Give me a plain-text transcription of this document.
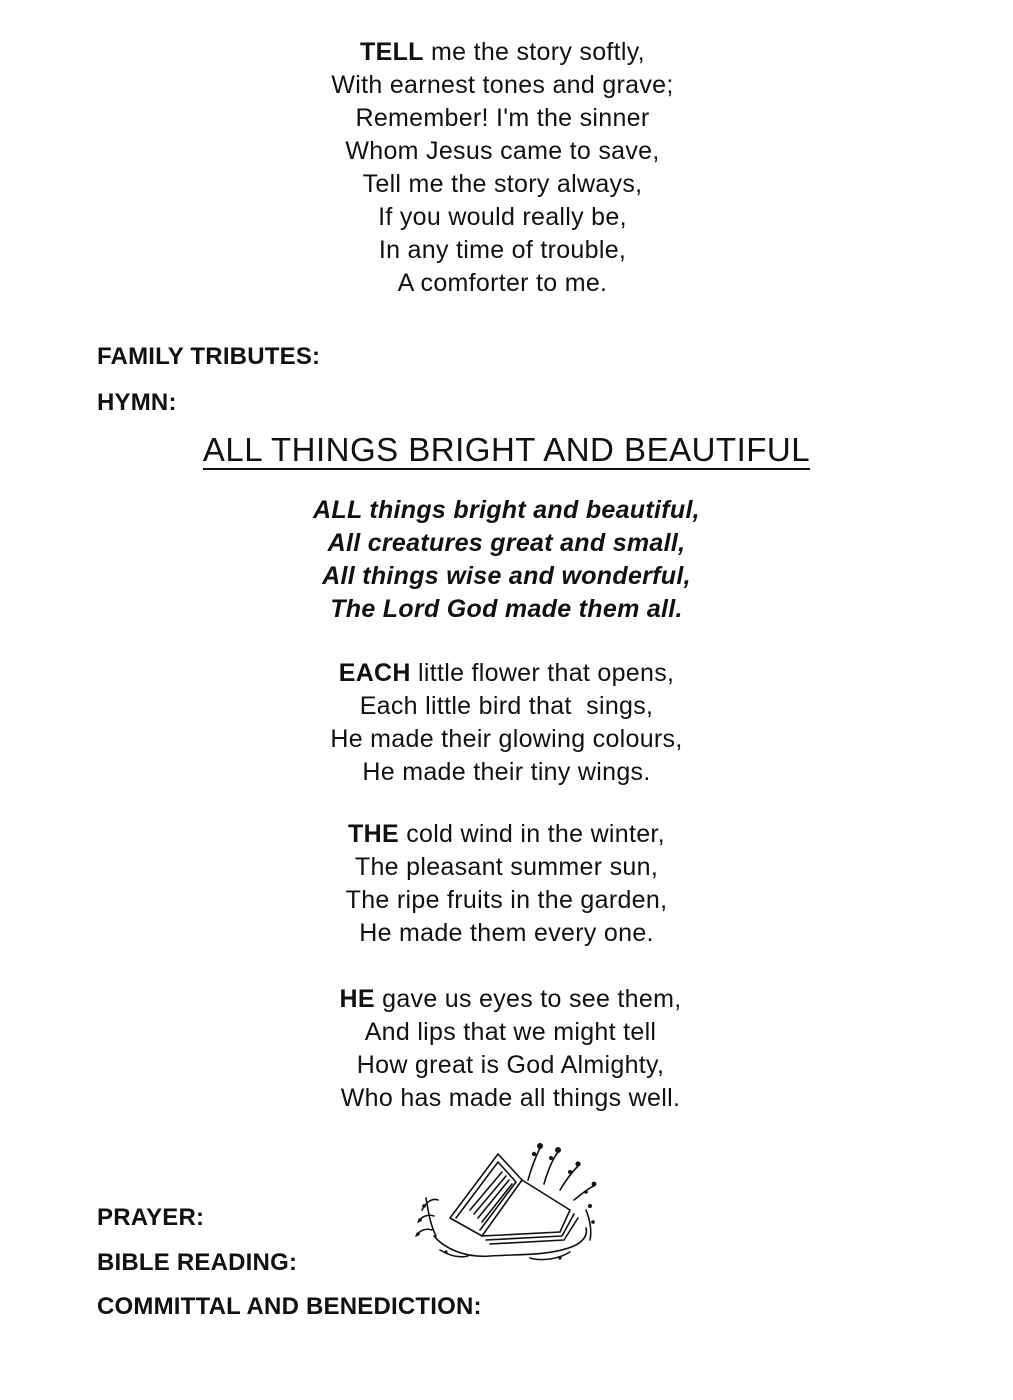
TELL me the story softly,
With earnest tones and grave;
Remember! I'm the sinner
Whom Jesus came to save,
Tell me the story always,
If you would really be,
In any time of trouble,
A comforter to me.
FAMILY TRIBUTES:
HYMN:
ALL THINGS BRIGHT AND BEAUTIFUL
ALL things bright and beautiful,
All creatures great and small,
All things wise and wonderful,
The Lord God made them all.
EACH little flower that opens,
Each little bird that  sings,
He made their glowing colours,
He made their tiny wings.
THE cold wind in the winter,
The pleasant summer sun,
The ripe fruits in the garden,
He made them every one.
HE gave us eyes to see them,
And lips that we might tell
How great is God Almighty,
Who has made all things well.
PRAYER:
BIBLE READING:
COMMITTAL AND BENEDICTION:
